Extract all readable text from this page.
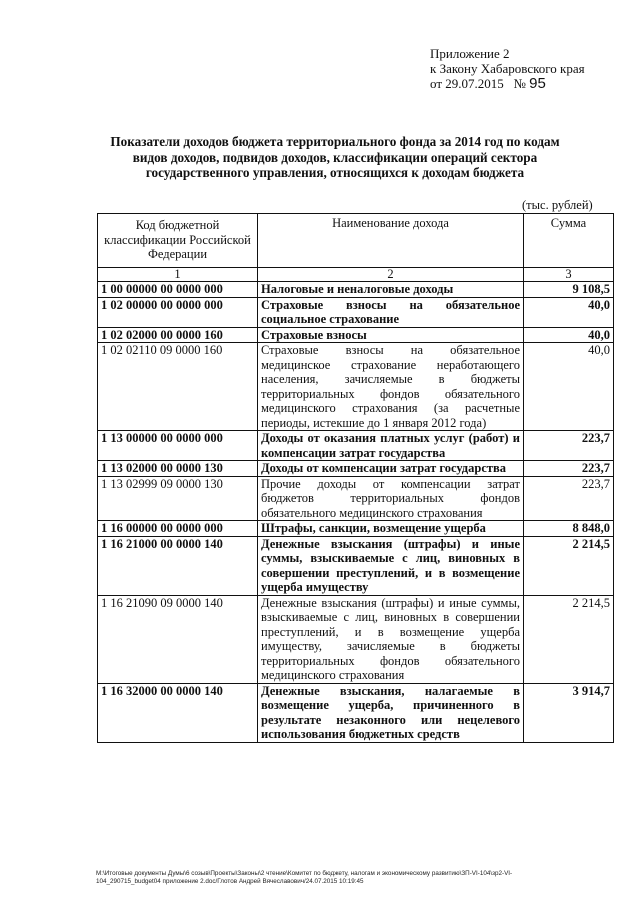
Приложение 2
к Закону Хабаровского края
от 29.07.2015 № 95
Показатели доходов бюджета территориального фонда за 2014 год по кодам видов доходов, подвидов доходов, классификации операций сектора государственного управления, относящихся к доходам бюджета
(тыс. рублей)
Код бюджетной классификации Российской Федерации	Наименование дохода	Сумма
1	2	3
1 00 00000 00 0000 000	Налоговые и неналоговые доходы	9 108,5
1 02 00000 00 0000 000	Страховые взносы на обязательное социальное страхование	40,0
1 02 02000 00 0000 160	Страховые взносы	40,0
1 02 02110 09 0000 160	Страховые взносы на обязательное медицинское страхование неработающего населения, зачисляемые в бюджеты территориальных фондов обязательного медицинского страхования (за расчетные периоды, истекшие до 1 января 2012 года)	40,0
1 13 00000 00 0000 000	Доходы от оказания платных услуг (работ) и компенсации затрат государства	223,7
1 13 02000 00 0000 130	Доходы от компенсации затрат государства	223,7
1 13 02999 09 0000 130	Прочие доходы от компенсации затрат бюджетов территориальных фондов обязательного медицинского страхования	223,7
1 16 00000 00 0000 000	Штрафы, санкции, возмещение ущерба	8 848,0
1 16 21000 00 0000 140	Денежные взыскания (штрафы) и иные суммы, взыскиваемые с лиц, виновных в совершении преступлений, и в возмещение ущерба имуществу	2 214,5
1 16 21090 09 0000 140	Денежные взыскания (штрафы) и иные суммы, взыскиваемые с лиц, виновных в совершении преступлений, и в возмещение ущерба имуществу, зачисляемые в бюджеты территориальных фондов обязательного медицинского страхования	2 214,5
1 16 32000 00 0000 140	Денежные взыскания, налагаемые в возмещение ущерба, причиненного в результате незаконного или нецелевого использования бюджетных средств	3 914,7
M:\Итоговые документы Думы\6 созыв\Проекты\Законы\2 чтение\Комитет по бюджету, налогам и экономическому развитию\ЗП-VI-104\зр2-VI-
104_290715_budget04 приложение 2.doc/Глотов Андрей Вячеславович/24.07.2015 10:19:45
